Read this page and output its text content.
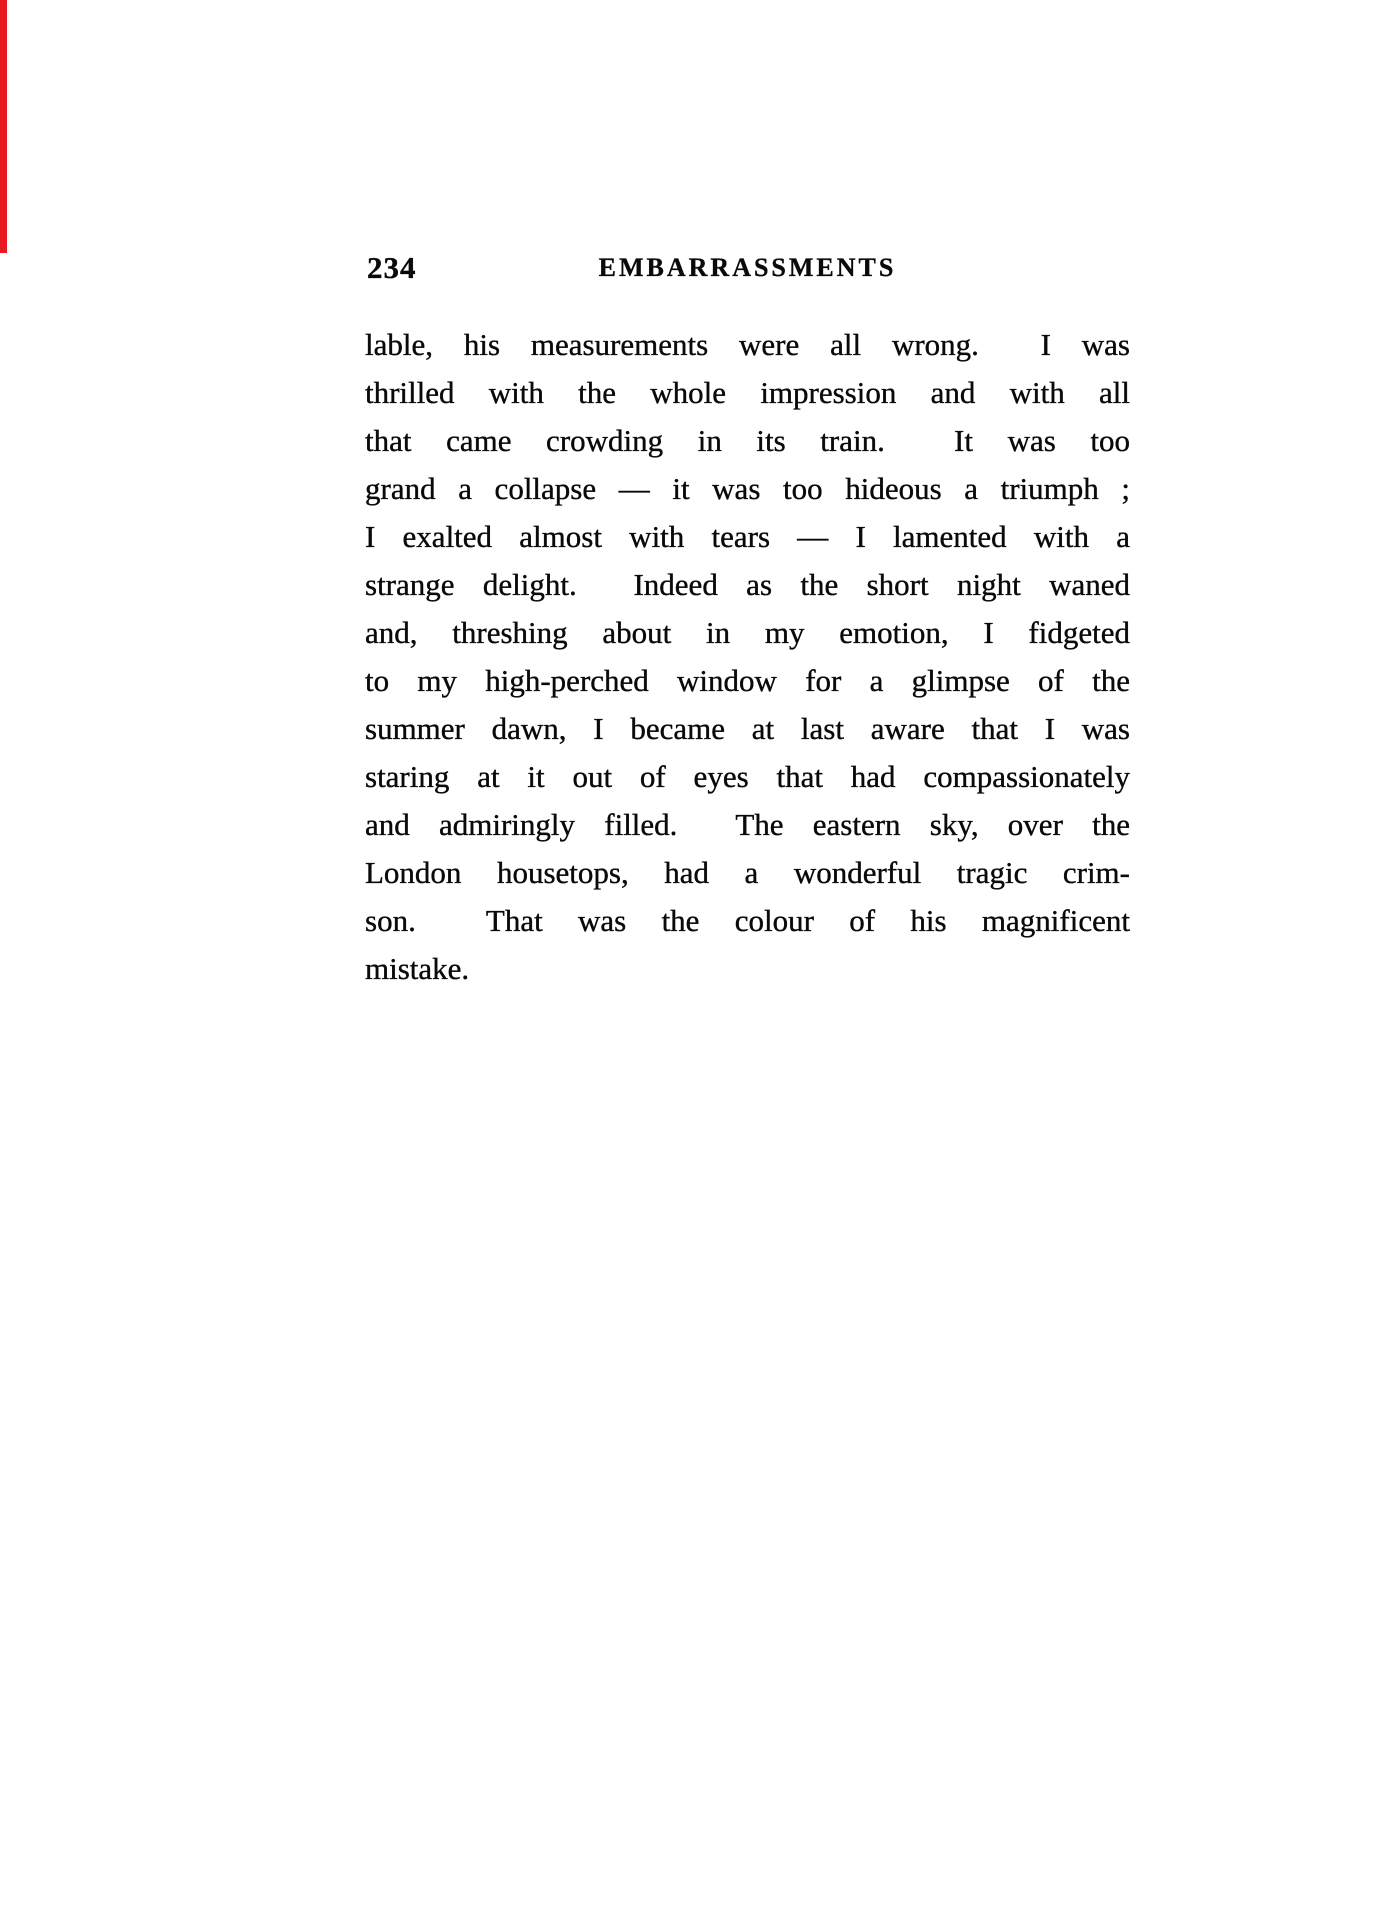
234	EMBARRASSMENTS
lable, his measurements were all wrong.  I was
thrilled with the whole impression and with all
that came crowding in its train.  It was too
grand a collapse — it was too hideous a triumph ;
I exalted almost with tears — I lamented with a
strange delight.  Indeed as the short night waned
and, threshing about in my emotion, I fidgeted
to my high-perched window for a glimpse of the
summer dawn, I became at last aware that I was
staring at it out of eyes that had compassionately
and admiringly filled.  The eastern sky, over the
London housetops, had a wonderful tragic crim-
son.  That was the colour of his magnificent
mistake.
